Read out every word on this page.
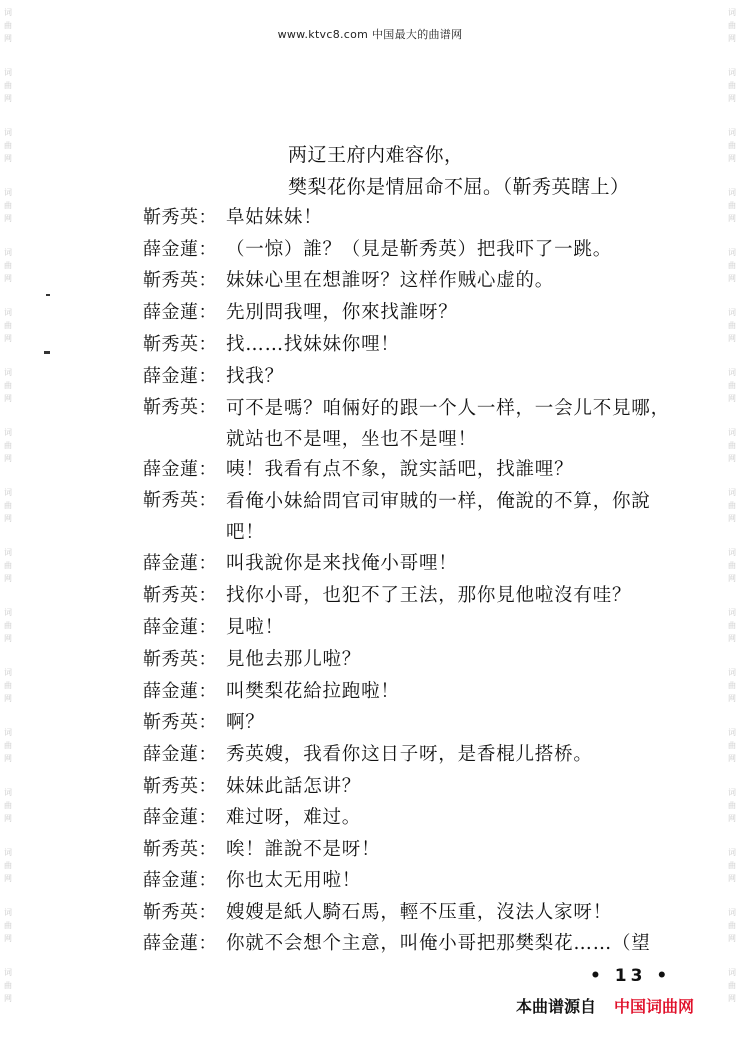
www.ktvc8.com 中国最大的曲谱网
词
曲
网
词
曲
网
词
曲
网
词
曲
网
词
曲
网
词
曲
网
词
曲
网
词
曲
网
词
曲
网
词
曲
网
词
曲
网
词
曲
网
词
曲
网
词
曲
网
词
曲
网
词
曲
网
词
曲
网
词
曲
网
词
曲
网
词
曲
网
词
曲
网
词
曲
网
词
曲
网
词
曲
网
词
曲
网
词
曲
网
词
曲
网
词
曲
网
词
曲
网
词
曲
网
词
曲
网
词
曲
网
词
曲
网
词
曲
网
两辽王府内难容你，
樊梨花你是情屈命不屈。（靳秀英瞎上）
靳秀英： 阜姑妹妹！
薛金蓮： （一惊）誰？（見是靳秀英）把我吓了一跳。
靳秀英： 妹妹心里在想誰呀？这样作贼心虚的。
薛金蓮： 先別問我哩，你來找誰呀？
靳秀英： 找……找妹妹你哩！
薛金蓮： 找我？
靳秀英： 可不是嗎？咱倆好的跟一个人一样，一会儿不見哪，就站也不是哩，坐也不是哩！
薛金蓮： 咦！我看有点不象，說实話吧，找誰哩？
靳秀英： 看俺小妹給問官司审賊的一样，俺說的不算，你說吧！
薛金蓮： 叫我說你是来找俺小哥哩！
靳秀英： 找你小哥，也犯不了王法，那你見他啦沒有哇？
薛金蓮： 見啦！
靳秀英： 見他去那儿啦？
薛金蓮： 叫樊梨花給拉跑啦！
靳秀英： 啊？
薛金蓮： 秀英嫂，我看你这日子呀，是香棍儿搭桥。
靳秀英： 妹妹此話怎讲？
薛金蓮： 难过呀，难过。
靳秀英： 唉！誰說不是呀！
薛金蓮： 你也太无用啦！
靳秀英： 嫂嫂是紙人騎石馬，輕不压重，沒法人家呀！
薛金蓮： 你就不会想个主意，叫俺小哥把那樊梨花……（望
• 13 •
本曲谱源自 中国词曲网
